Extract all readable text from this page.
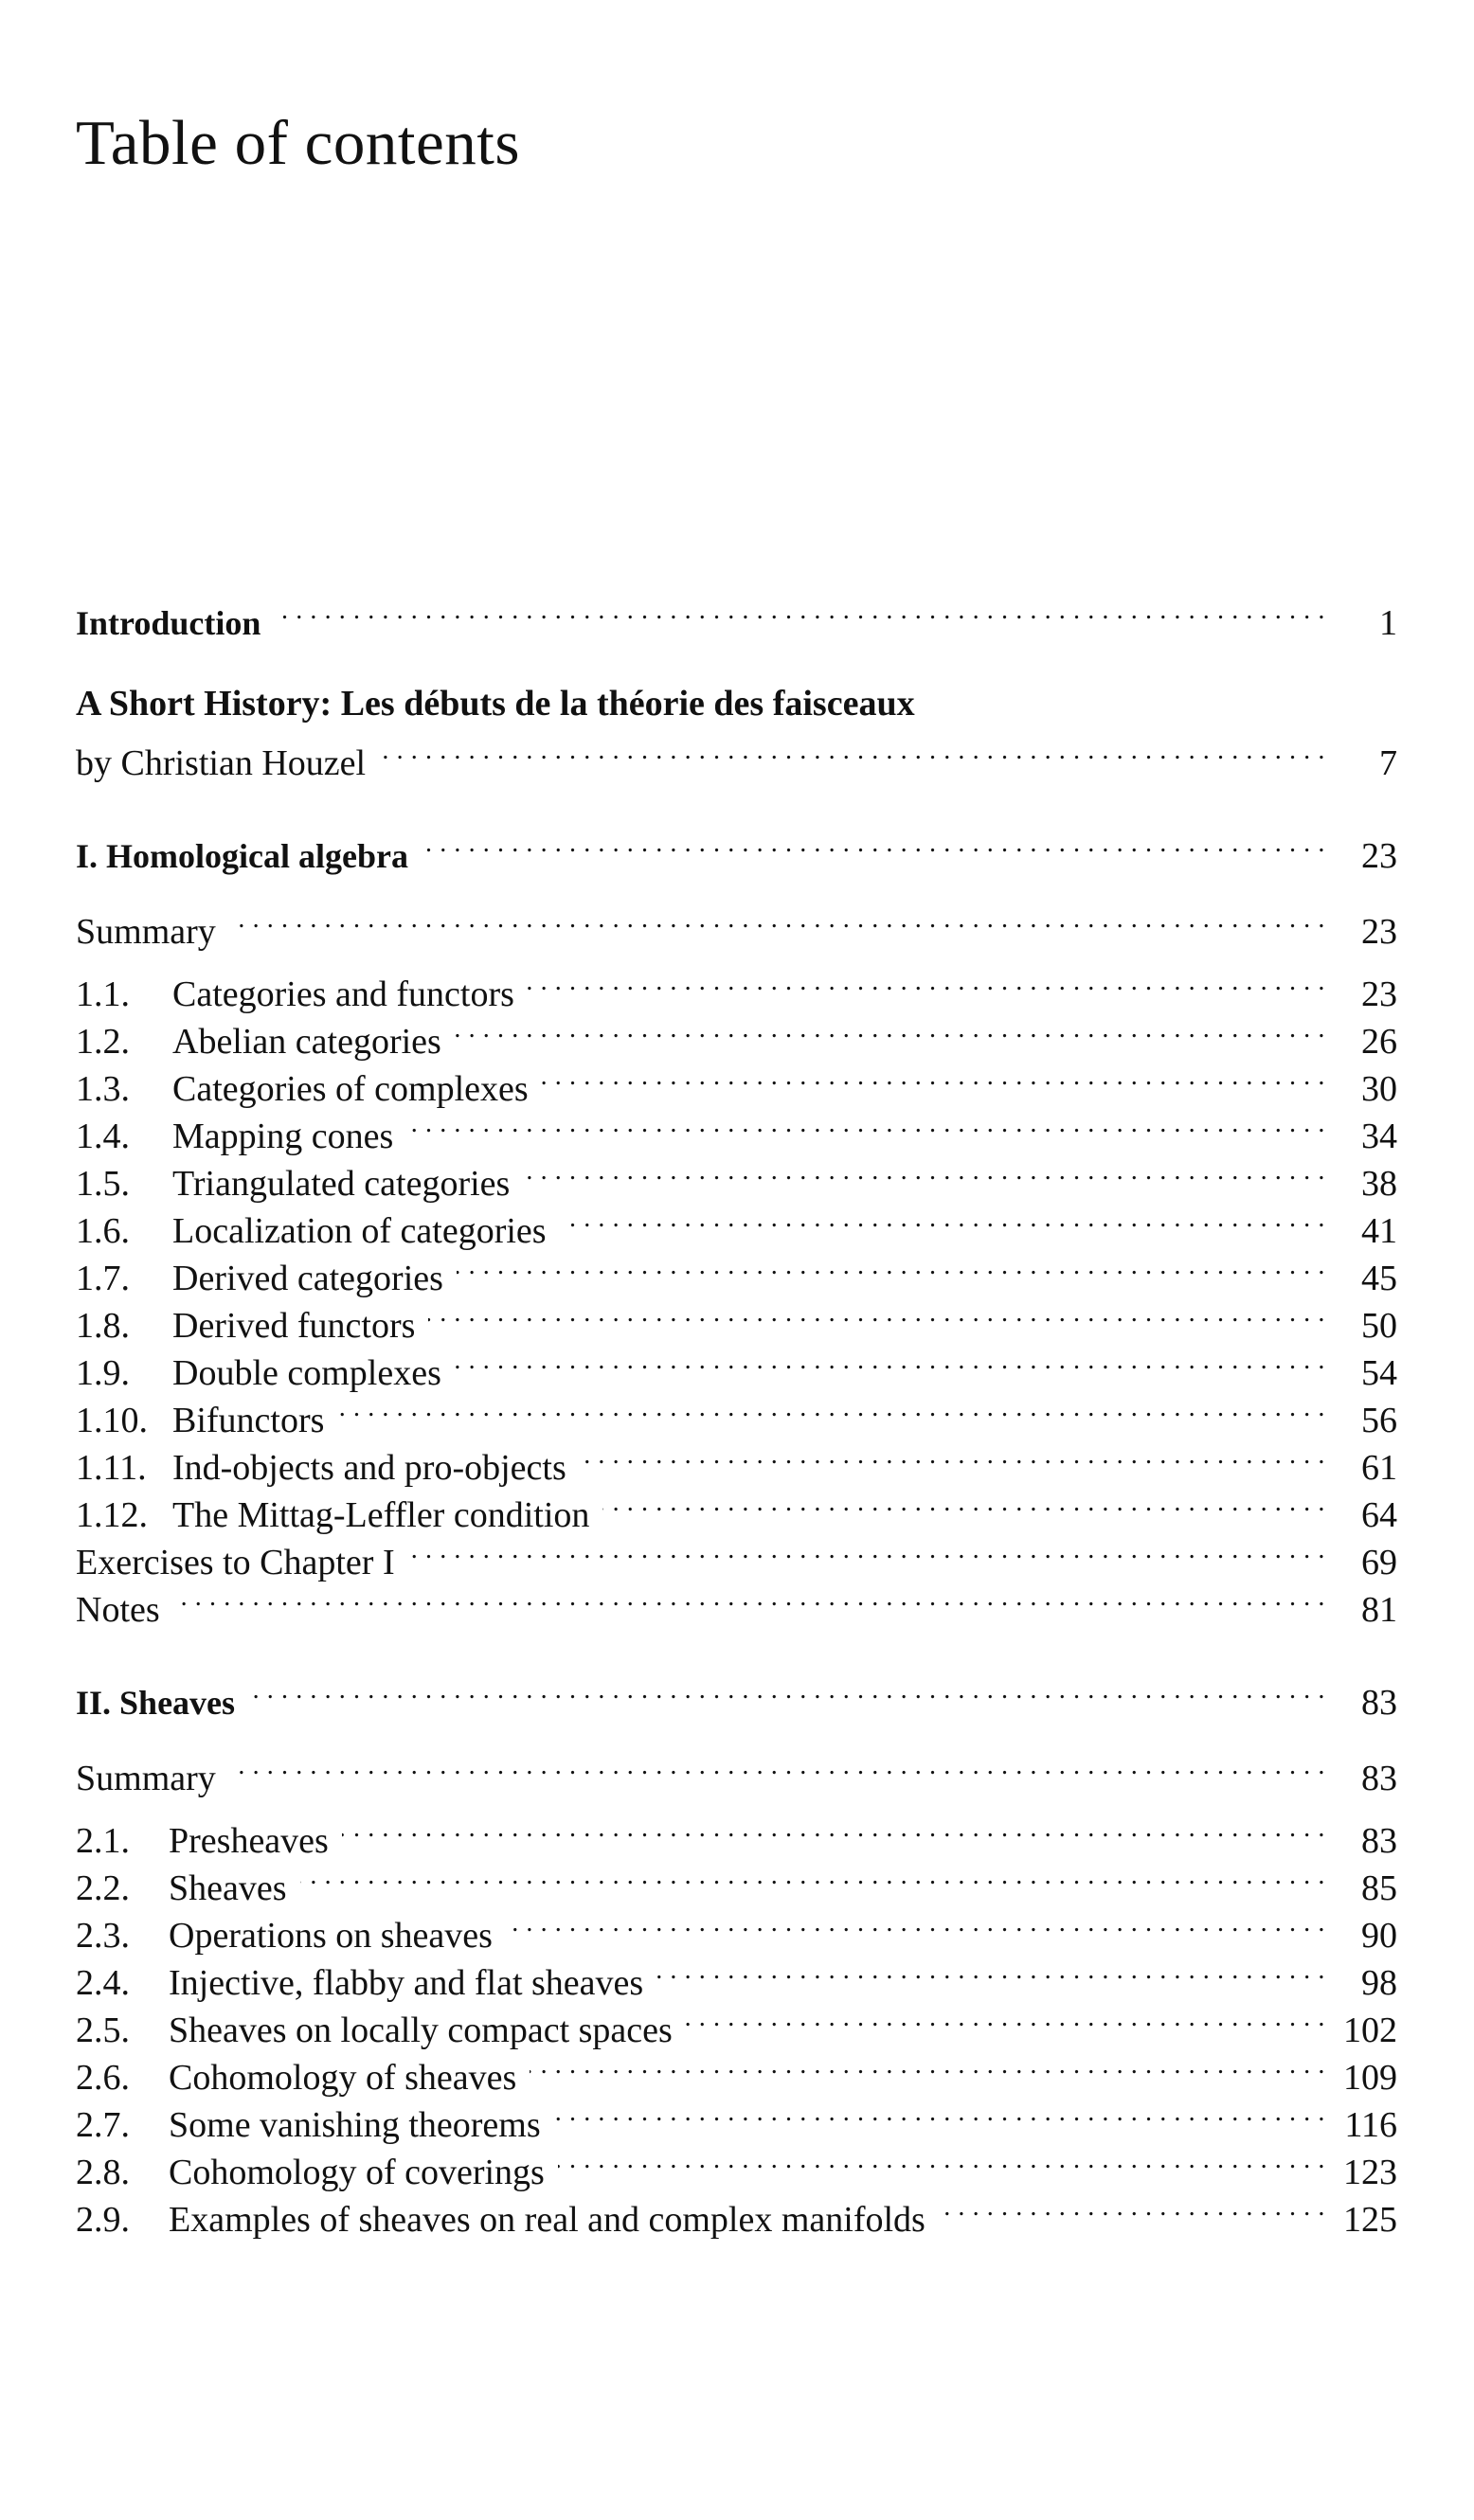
Table of contents
Introduction . . .	1
A Short History: Les débuts de la théorie des faisceaux
by Christian Houzel . . .	7
I. Homological algebra . . .	23
Summary . . .	23
1.1.	Categories and functors . . .	23
1.2.	Abelian categories . . .	26
1.3.	Categories of complexes . . .	30
1.4.	Mapping cones . . .	34
1.5.	Triangulated categories . . .	38
1.6.	Localization of categories . . .	41
1.7.	Derived categories . . .	45
1.8.	Derived functors . . .	50
1.9.	Double complexes . . .	54
1.10. Bifunctors . . .	56
1.11. Ind-objects and pro-objects . . .	61
1.12. The Mittag-Leffler condition . . .	64
Exercises to Chapter I . . .	69
Notes . . .	81
II. Sheaves . . .	83
Summary . . .	83
2.1.	Presheaves . . .	83
2.2.	Sheaves . . .	85
2.3.	Operations on sheaves . . .	90
2.4.	Injective, flabby and flat sheaves . . .	98
2.5.	Sheaves on locally compact spaces . . .	102
2.6.	Cohomology of sheaves . . .	109
2.7.	Some vanishing theorems . . .	116
2.8.	Cohomology of coverings . . .	123
2.9.	Examples of sheaves on real and complex manifolds . . .	125
